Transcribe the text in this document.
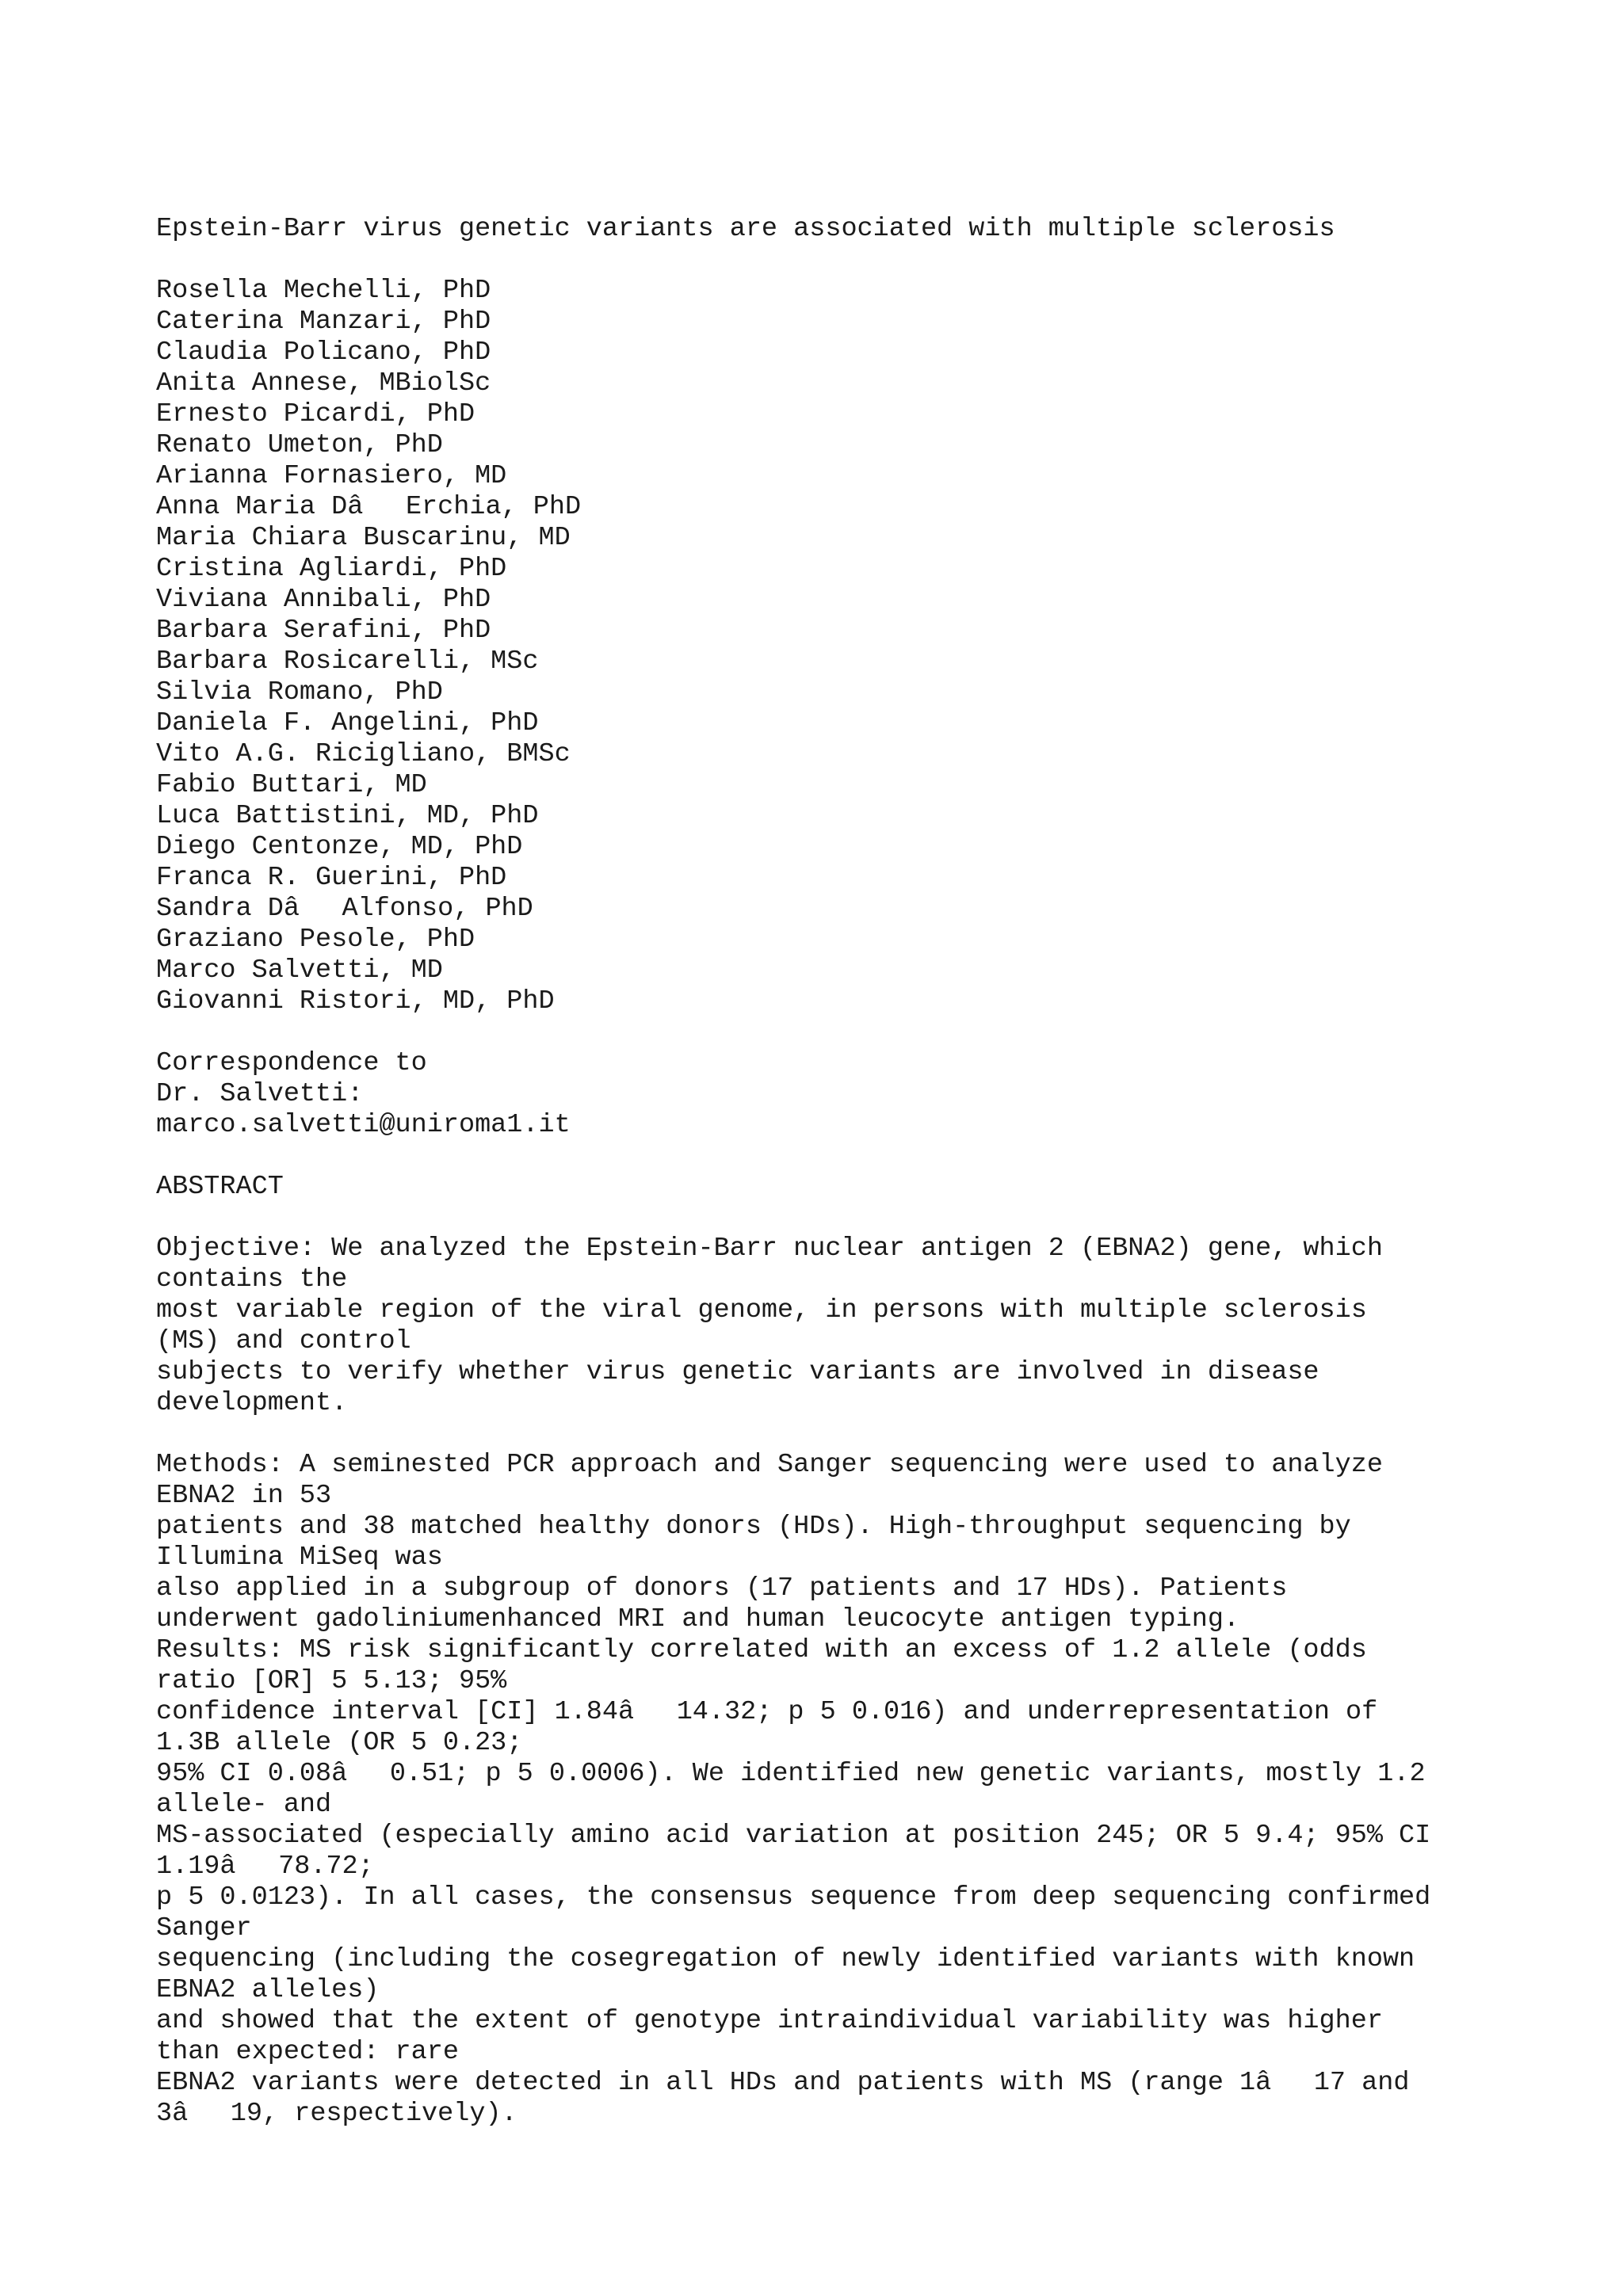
Epstein-Barr virus genetic variants are associated with multiple sclerosis
Rosella Mechelli, PhD
Caterina Manzari, PhD
Claudia Policano, PhD
Anita Annese, MBiolSc
Ernesto Picardi, PhD
Renato Umeton, PhD
Arianna Fornasiero, MD
Anna Maria DâErchia, PhD
Maria Chiara Buscarinu, MD
Cristina Agliardi, PhD
Viviana Annibali, PhD
Barbara Serafini, PhD
Barbara Rosicarelli, MSc
Silvia Romano, PhD
Daniela F. Angelini, PhD
Vito A.G. Ricigliano, BMSc
Fabio Buttari, MD
Luca Battistini, MD, PhD
Diego Centonze, MD, PhD
Franca R. Guerini, PhD
Sandra DâAlfonso, PhD
Graziano Pesole, PhD
Marco Salvetti, MD
Giovanni Ristori, MD, PhD
Correspondence to
Dr. Salvetti:
marco.salvetti@uniroma1.it
ABSTRACT
Objective: We analyzed the Epstein-Barr nuclear antigen 2 (EBNA2) gene, which
contains the
most variable region of the viral genome, in persons with multiple sclerosis
(MS) and control
subjects to verify whether virus genetic variants are involved in disease
development.
Methods: A seminested PCR approach and Sanger sequencing were used to analyze
EBNA2 in 53
patients and 38 matched healthy donors (HDs). High-throughput sequencing by
Illumina MiSeq was
also applied in a subgroup of donors (17 patients and 17 HDs). Patients
underwent gadoliniumenhanced MRI and human leucocyte antigen typing.
Results: MS risk significantly correlated with an excess of 1.2 allele (odds
ratio [OR] 5 5.13; 95%
confidence interval [CI] 1.84â14.32; p 5 0.016) and underrepresentation of
1.3B allele (OR 5 0.23;
95% CI 0.08â0.51; p 5 0.0006). We identified new genetic variants, mostly 1.2
allele- and
MS-associated (especially amino acid variation at position 245; OR 5 9.4; 95% CI
1.19â78.72;
p 5 0.0123). In all cases, the consensus sequence from deep sequencing confirmed
Sanger
sequencing (including the cosegregation of newly identified variants with known
EBNA2 alleles)
and showed that the extent of genotype intraindividual variability was higher
than expected: rare
EBNA2 variants were detected in all HDs and patients with MS (range 1â17 and
3â19, respectively).
